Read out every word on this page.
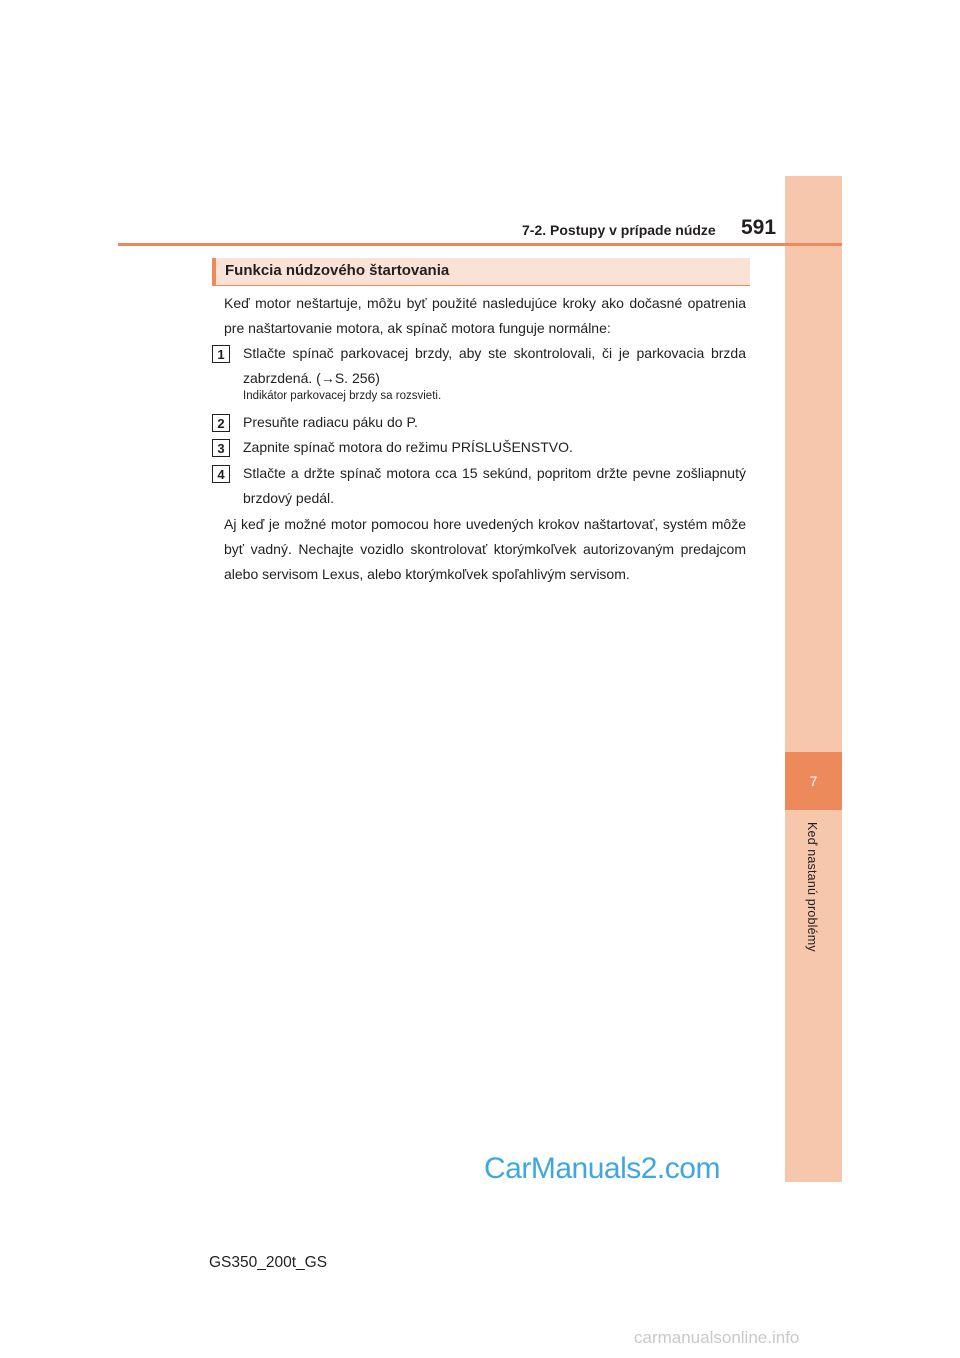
7
Keď nastanú problémy
7-2. Postupy v prípade núdze 591
Funkcia núdzového štartovania
Keď motor neštartuje, môžu byť použité nasledujúce kroky ako dočasné opatrenia pre naštartovanie motora, ak spínač motora funguje normálne:
1	Stlačte spínač parkovacej brzdy, aby ste skontrolovali, či je parkovacia brzda zabrzdená. (→S. 256)
Indikátor parkovacej brzdy sa rozsvieti.
2	Presuňte radiacu páku do P.
3	Zapnite spínač motora do režimu PRÍSLUŠENSTVO.
4	Stlačte a držte spínač motora cca 15 sekúnd, popritom držte pevne zošliapnutý brzdový pedál.
Aj keď je možné motor pomocou hore uvedených krokov naštartovať, systém môže byť vadný. Nechajte vozidlo skontrolovať ktorýmkoľvek autorizovaným predajcom alebo servisom Lexus, alebo ktorýmkoľvek spoľahlivým servisom.
CarManuals2.com
GS350_200t_GS
carmanualsonline.info
